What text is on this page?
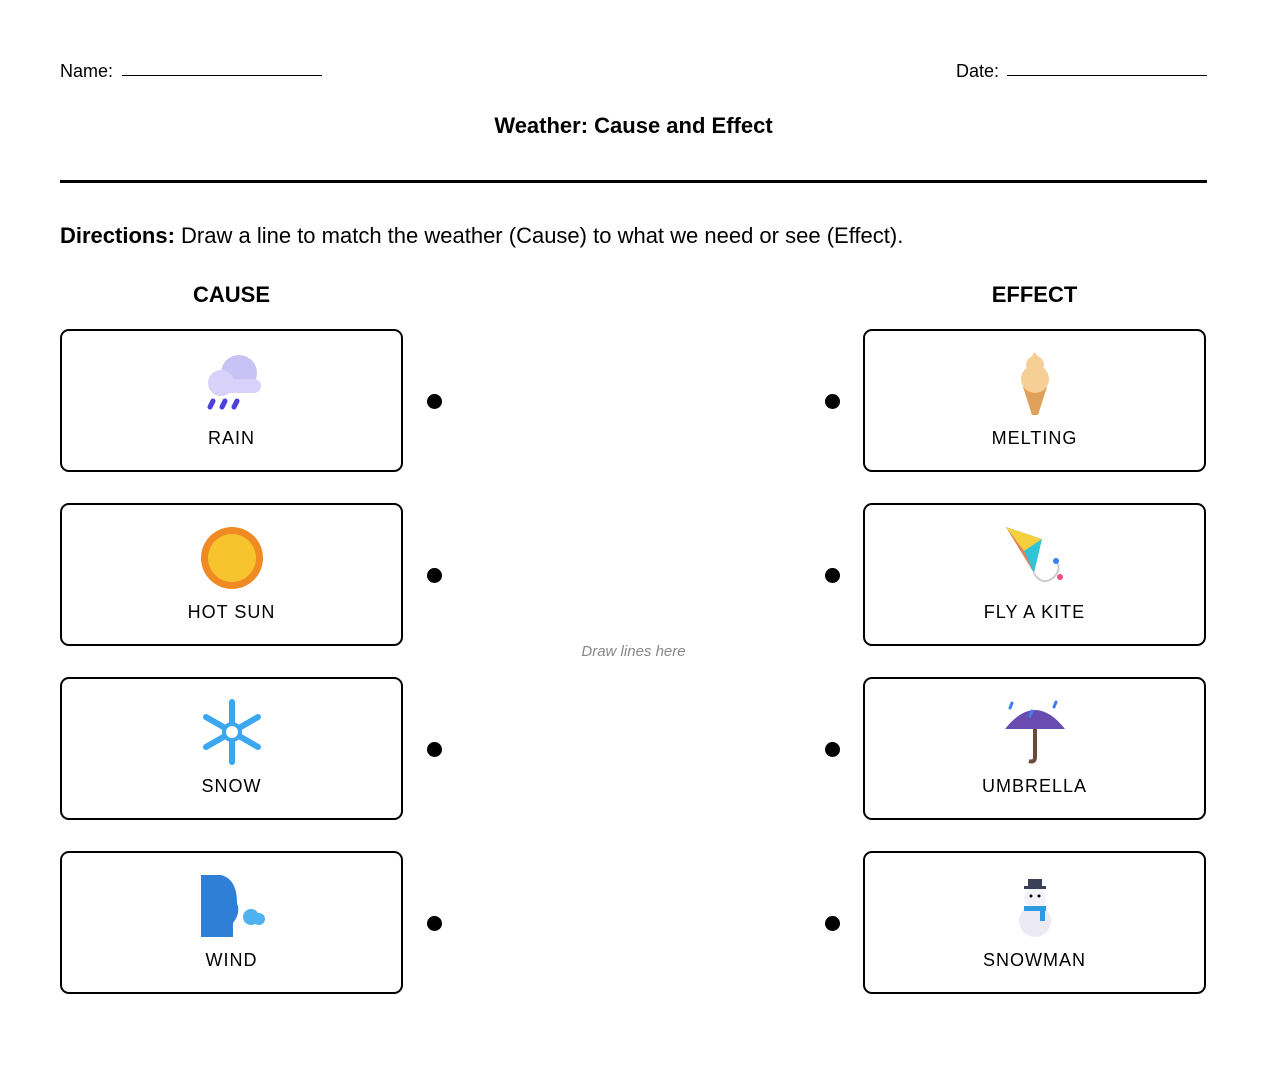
Name:	Date:
Weather: Cause and Effect
Directions: Draw a line to match the weather (Cause) to what we need or see (Effect).
CAUSE	EFFECT
RAIN
HOT SUN
SNOW
WIND
Draw lines here
MELTING
FLY A KITE
UMBRELLA
SNOWMAN
